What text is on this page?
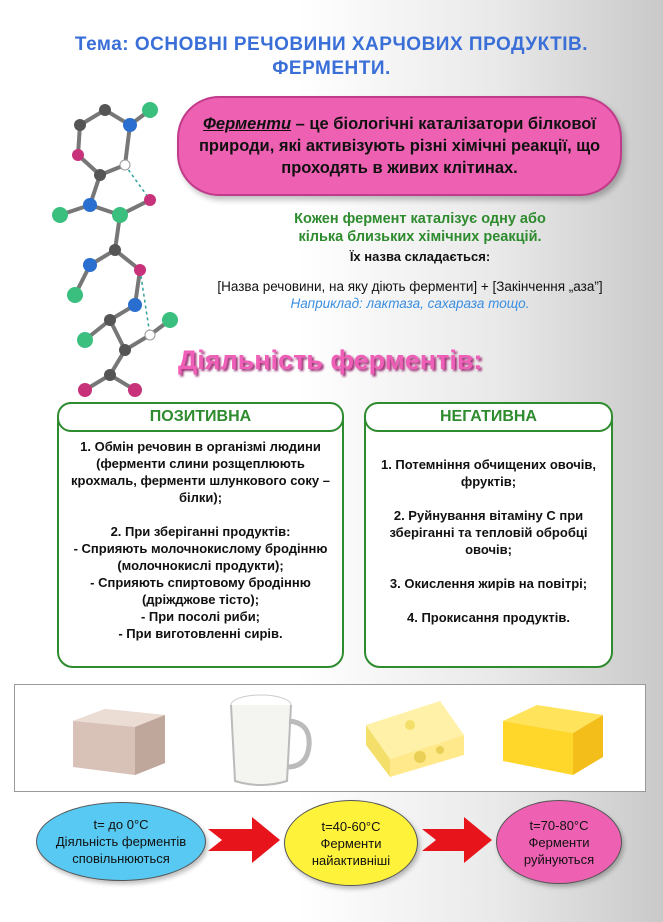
Тема: ОСНОВНІ РЕЧОВИНИ ХАРЧОВИХ ПРОДУКТІВ.
ФЕРМЕНТИ.
Ферменти – це біологічні каталізатори білкової природи, які активізують різні хімічні реакції, що проходять в живих клітинах.
Кожен фермент каталізує одну або
кілька близьких хімічних реакцій.
Їх назва складається:
[Назва речовини, на яку діють ферменти] + [Закінчення „аза”]
Наприклад: лактаза, сахараза тощо.
Діяльність ферментів:
ПОЗИТИВНА
1. Обмін речовин в організмі людини (ферменти слини розщеплюють крохмаль, ферменти шлункового соку – білки);
2. При зберіганні продуктів:
- Сприяють молочнокислому бродінню (молочнокислі продукти);
- Сприяють спиртовому бродінню (дріжджове тісто);
- При посолі риби;
- При виготовленні сирів.
НЕГАТИВНА
1. Потемніння обчищених овочів, фруктів;
2. Руйнування вітаміну С при зберіганні та тепловій обробці овочів;
3. Окислення жирів на повітрі;
4. Прокисання продуктів.
t= до 0°С
Діяльність ферментів
сповільнюються
t=40-60°С
Ферменти
найактивніші
t=70-80°С
Ферменти
руйнуються
